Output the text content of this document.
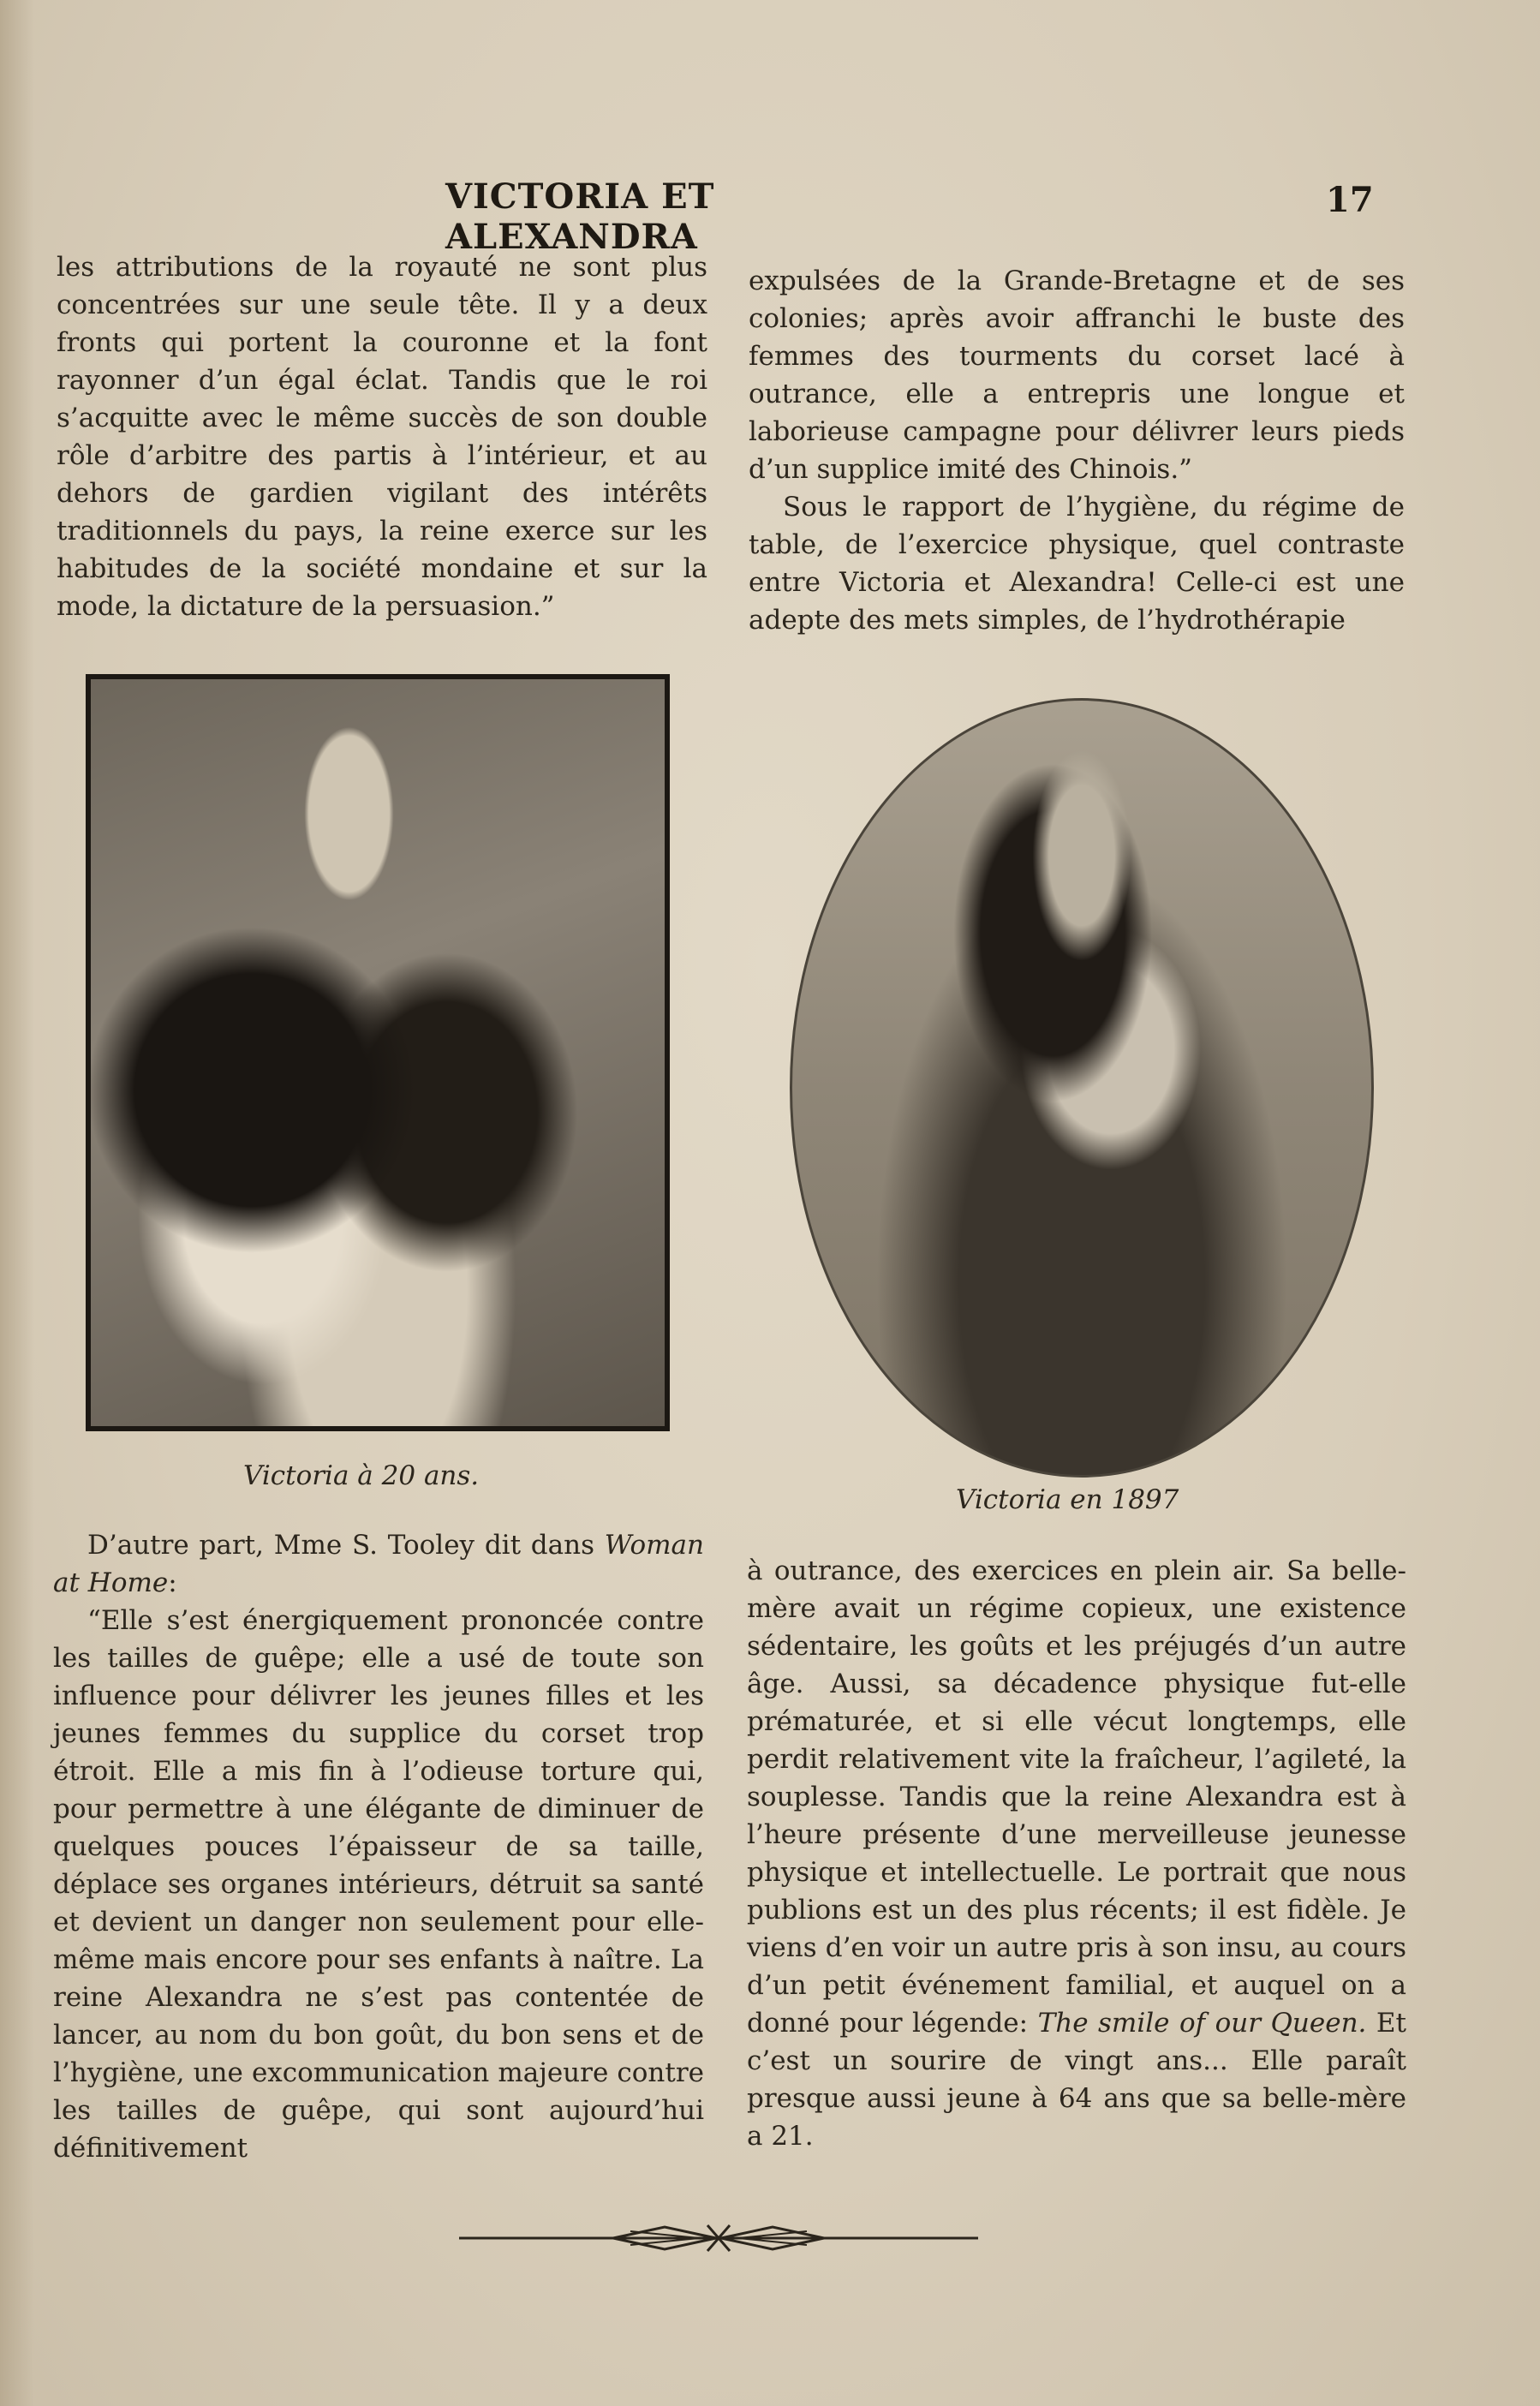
VICTORIA ET ALEXANDRA
17

les attributions de la royauté ne sont plus concentrées sur une seule tête. Il y a deux fronts qui portent la couronne et la font rayonner d’un égal éclat. Tandis que le roi s’acquitte avec le même succès de son double rôle d’arbitre des partis à l’intérieur, et au dehors de gardien vigilant des intérêts traditionnels du pays, la reine exerce sur les habitudes de la société mondaine et sur la mode, la dictature de la persuasion.”

expulsées de la Grande-Bretagne et de ses colonies; après avoir affranchi le buste des femmes des tourments du corset lacé à outrance, elle a entrepris une longue et laborieuse campagne pour délivrer leurs pieds d’un supplice imité des Chinois.”

Sous le rapport de l’hygiène, du régime de table, de l’exercice physique, quel contraste entre Victoria et Alexandra! Celle-ci est une adepte des mets simples, de l’hydrothérapie

Victoria à 20 ans.
Victoria en 1897

D’autre part, Mme S. Tooley dit dans Woman at Home:

“Elle s’est énergiquement prononcée contre les tailles de guêpe; elle a usé de toute son influence pour délivrer les jeunes filles et les jeunes femmes du supplice du corset trop étroit. Elle a mis fin à l’odieuse torture qui, pour permettre à une élégante de diminuer de quelques pouces l’épaisseur de sa taille, déplace ses organes intérieurs, détruit sa santé et devient un danger non seulement pour elle-même mais encore pour ses enfants à naître. La reine Alexandra ne s’est pas contentée de lancer, au nom du bon goût, du bon sens et de l’hygiène, une excommunication majeure contre les tailles de guêpe, qui sont aujourd’hui définitivement

à outrance, des exercices en plein air. Sa belle-mère avait un régime copieux, une existence sédentaire, les goûts et les préjugés d’un autre âge. Aussi, sa décadence physique fut-elle prématurée, et si elle vécut longtemps, elle perdit relativement vite la fraîcheur, l’agileté, la souplesse. Tandis que la reine Alexandra est à l’heure présente d’une merveilleuse jeunesse physique et intellectuelle. Le portrait que nous publions est un des plus récents; il est fidèle. Je viens d’en voir un autre pris à son insu, au cours d’un petit événement familial, et auquel on a donné pour légende: The smile of our Queen. Et c’est un sourire de vingt ans... Elle paraît presque aussi jeune à 64 ans que sa belle-mère a 21.
